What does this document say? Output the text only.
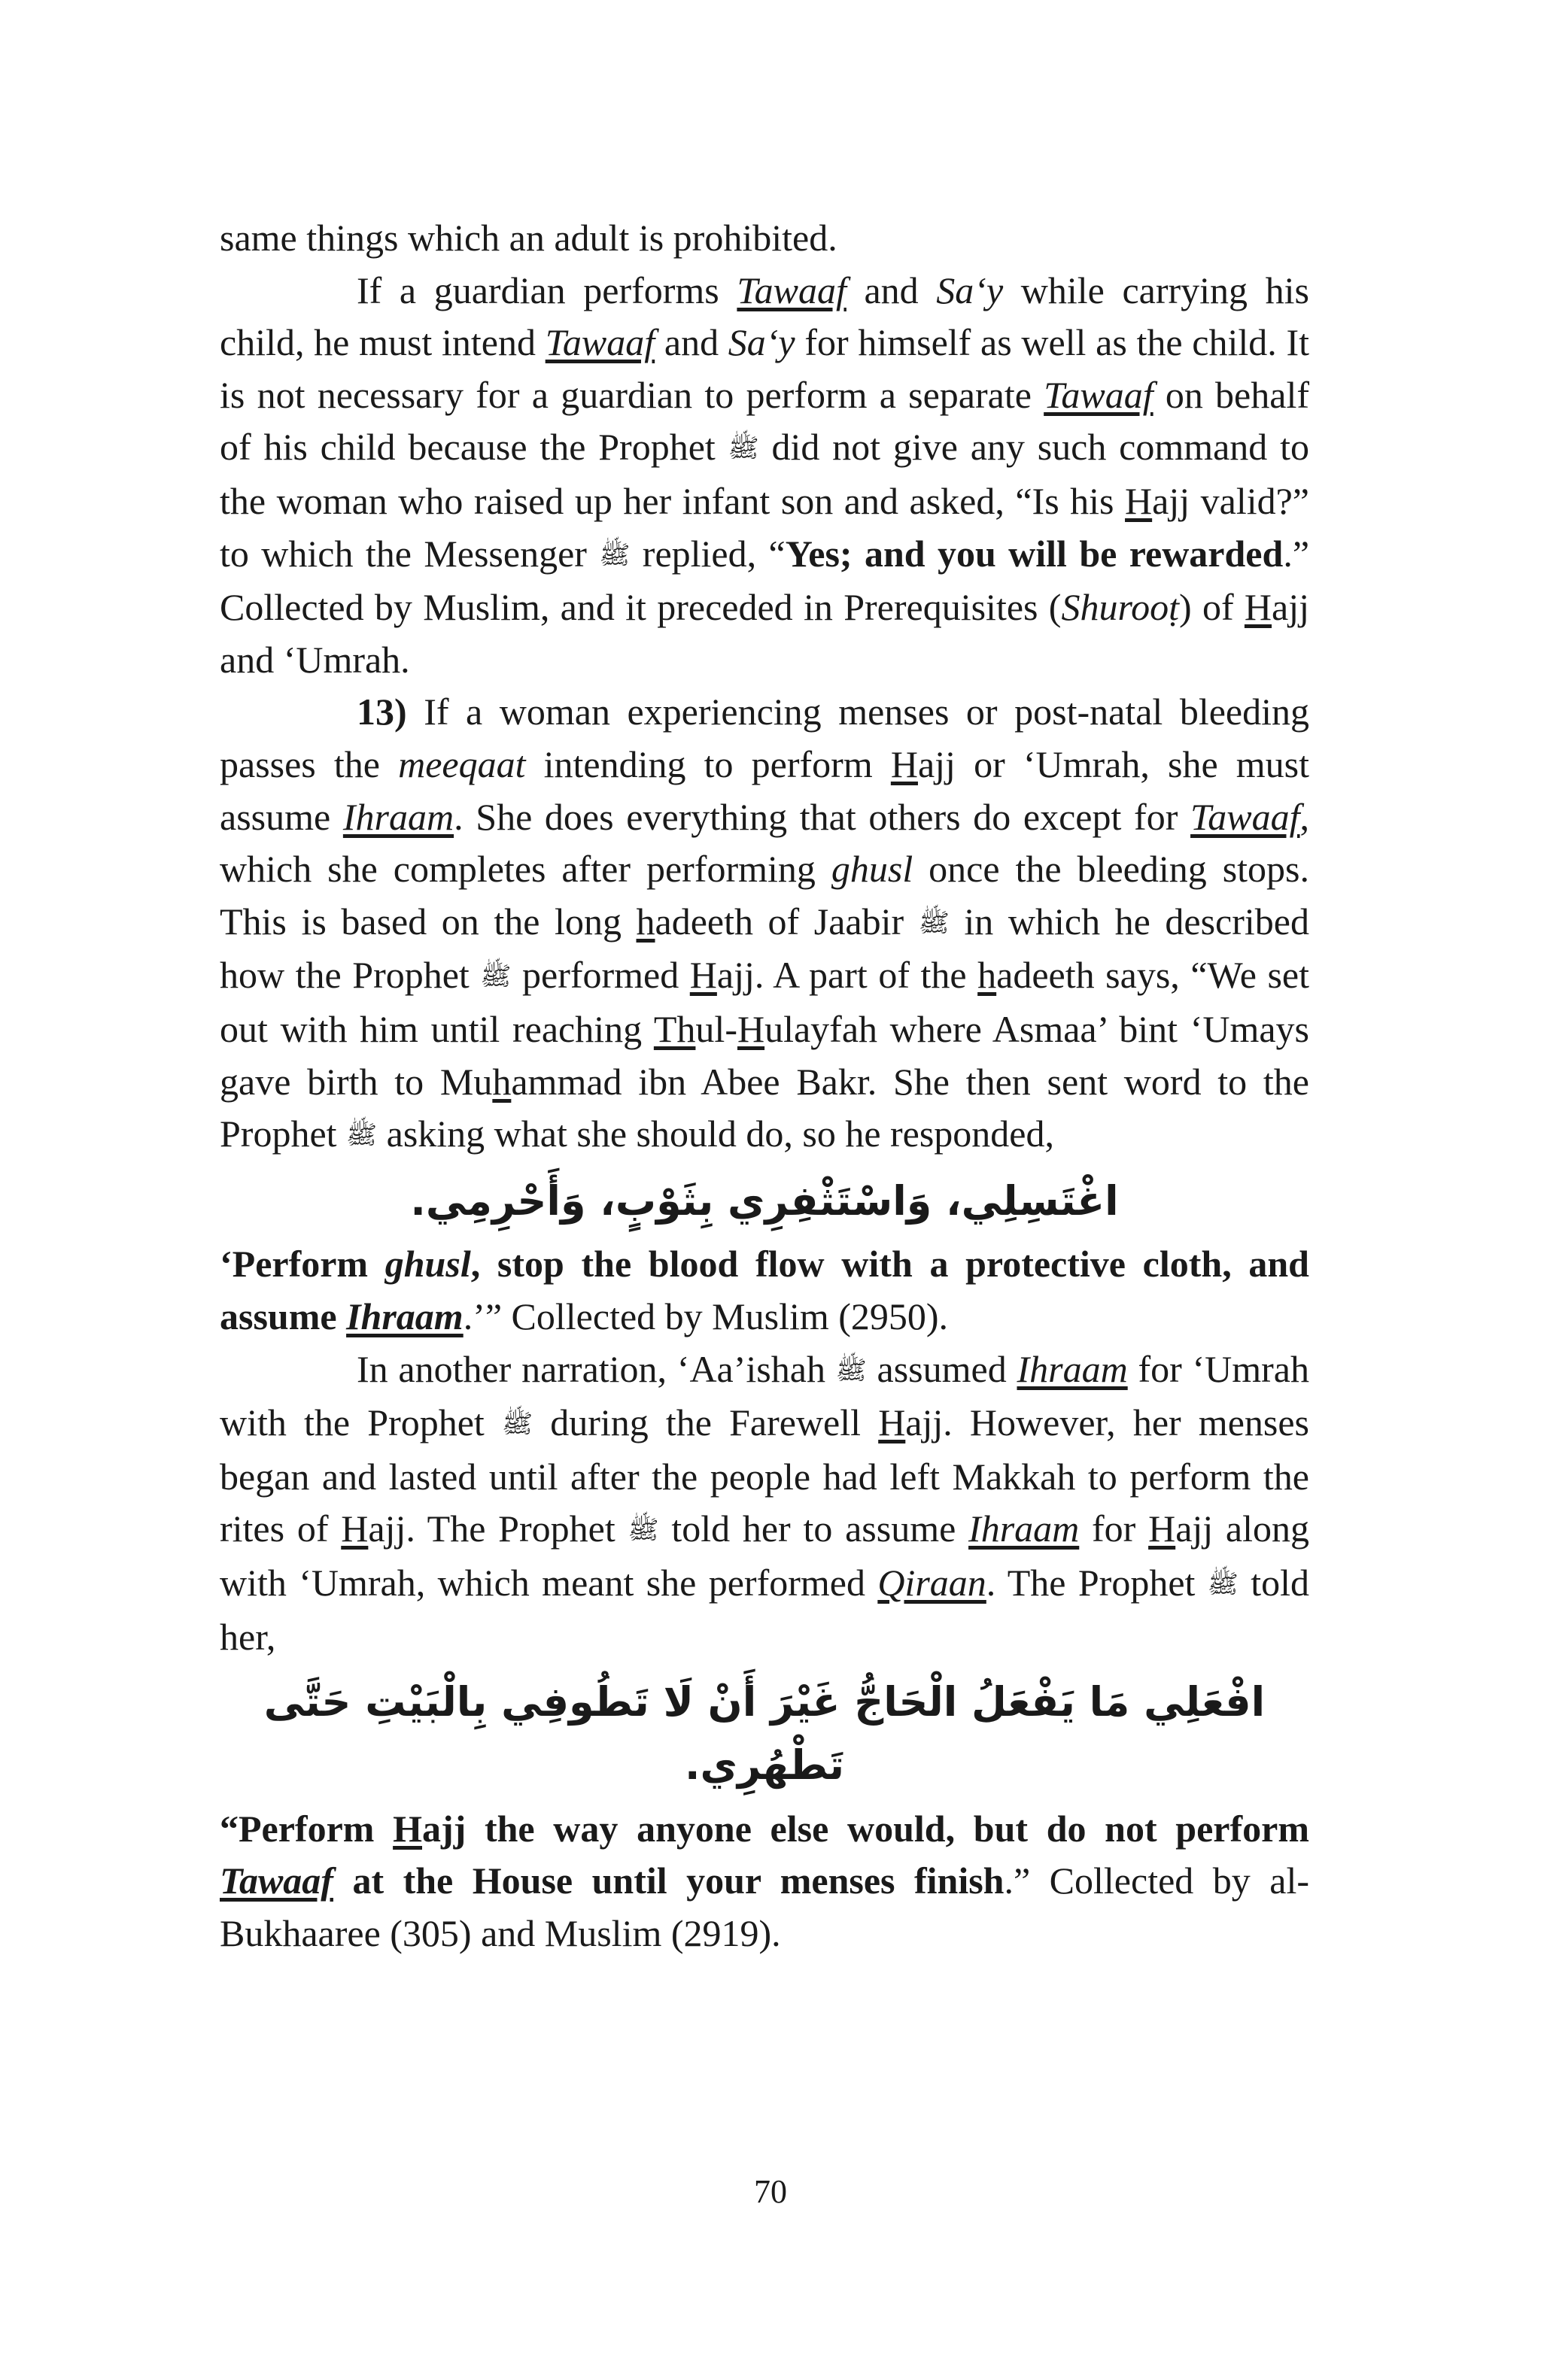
same things which an adult is prohibited.

If a guardian performs Tawaaf and Sa‘y while carrying his child, he must intend Tawaaf and Sa‘y for himself as well as the child. It is not necessary for a guardian to perform a separate Tawaaf on behalf of his child because the Prophet ﷺ did not give any such command to the woman who raised up her infant son and asked, “Is his Hajj valid?” to which the Messenger ﷺ replied, “Yes; and you will be rewarded.” Collected by Muslim, and it preceded in Prerequisites (Shurooṭ) of Hajj and ‘Umrah.

13) If a woman experiencing menses or post-natal bleeding passes the meeqaat intending to perform Hajj or ‘Umrah, she must assume Ihraam. She does everything that others do except for Tawaaf, which she completes after performing ghusl once the bleeding stops. This is based on the long hadeeth of Jaabir ﷺ in which he described how the Prophet ﷺ performed Hajj. A part of the hadeeth says, “We set out with him until reaching Thul-Hulayfah where Asmaa’ bint ‘Umays gave birth to Muhammad ibn Abee Bakr. She then sent word to the Prophet ﷺ asking what she should do, so he responded,

اغْتَسِلِي، وَاسْتَثْفِرِي بِثَوْبٍ، وَأَحْرِمِي.

‘Perform ghusl, stop the blood flow with a protective cloth, and assume Ihraam.’” Collected by Muslim (2950).

In another narration, ‘Aa’ishah ﷺ assumed Ihraam for ‘Umrah with the Prophet ﷺ during the Farewell Hajj. However, her menses began and lasted until after the people had left Makkah to perform the rites of Hajj. The Prophet ﷺ told her to assume Ihraam for Hajj along with ‘Umrah, which meant she performed Qiraan. The Prophet ﷺ told her,

افْعَلِي مَا يَفْعَلُ الْحَاجُّ غَيْرَ أَنْ لَا تَطُوفِي بِالْبَيْتِ حَتَّى تَطْهُرِي.

“Perform Hajj the way anyone else would, but do not perform Tawaaf at the House until your menses finish.” Collected by al-Bukhaaree (305) and Muslim (2919).

70
